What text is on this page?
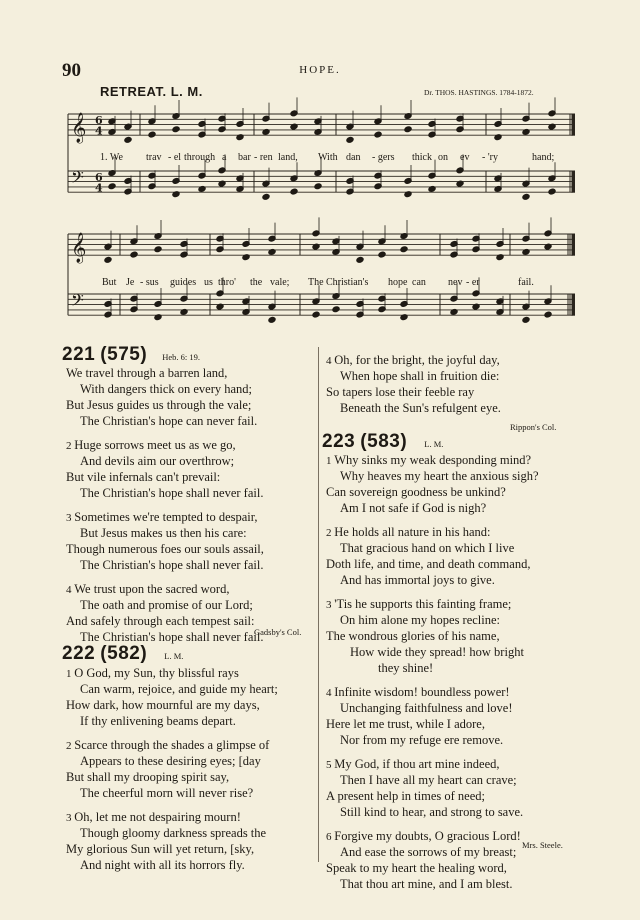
90	HOPE.
RETREAT. L. M.	Dr. THOS. HASTINGS. 1784-1872.
𝄞
𝄢
𝄞
𝄢
6
4
6
4
1. We trav - el through a bar - ren land, With dan - gers thick on ev - 'ry	hand;
But Je - sus guides us thro' the vale; The Christian's hope can nev - er	fail.
221 (575) Heb. 6: 19.
We travel through a barren land,
With dangers thick on every hand;
But Jesus guides us through the vale;
The Christian's hope can never fail.
2 Huge sorrows meet us as we go,
And devils aim our overthrow;
But vile infernals can't prevail:
The Christian's hope shall never fail.
3 Sometimes we're tempted to despair,
But Jesus makes us then his care:
Though numerous foes our souls assail,
The Christian's hope shall never fail.
4 We trust upon the sacred word,
The oath and promise of our Lord;
And safely through each tempest sail:
The Christian's hope shall never fail.
Gadsby's Col.
222 (582) L. M.
1 O God, my Sun, thy blissful rays
Can warm, rejoice, and guide my heart;
How dark, how mournful are my days,
If thy enlivening beams depart.
2 Scarce through the shades a glimpse of
Appears to these desiring eyes; [day
But shall my drooping spirit say,
The cheerful morn will never rise?
3 Oh, let me not despairing mourn!
Though gloomy darkness spreads the
My glorious Sun will yet return, [sky,
And night with all its horrors fly.
4 Oh, for the bright, the joyful day,
When hope shall in fruition die:
So tapers lose their feeble ray
Beneath the Sun's refulgent eye.
Rippon's Col.
223 (583) L. M.
1 Why sinks my weak desponding mind?
Why heaves my heart the anxious sigh?
Can sovereign goodness be unkind?
Am I not safe if God is nigh?
2 He holds all nature in his hand:
That gracious hand on which I live
Doth life, and time, and death command,
And has immortal joys to give.
3 'Tis he supports this fainting frame;
On him alone my hopes recline:
The wondrous glories of his name,
How wide they spread! how bright
they shine!
4 Infinite wisdom! boundless power!
Unchanging faithfulness and love!
Here let me trust, while I adore,
Nor from my refuge ere remove.
5 My God, if thou art mine indeed,
Then I have all my heart can crave;
A present help in times of need;
Still kind to hear, and strong to save.
6 Forgive my doubts, O gracious Lord!
And ease the sorrows of my breast;
Speak to my heart the healing word,
That thou art mine, and I am blest.
Mrs. Steele.
